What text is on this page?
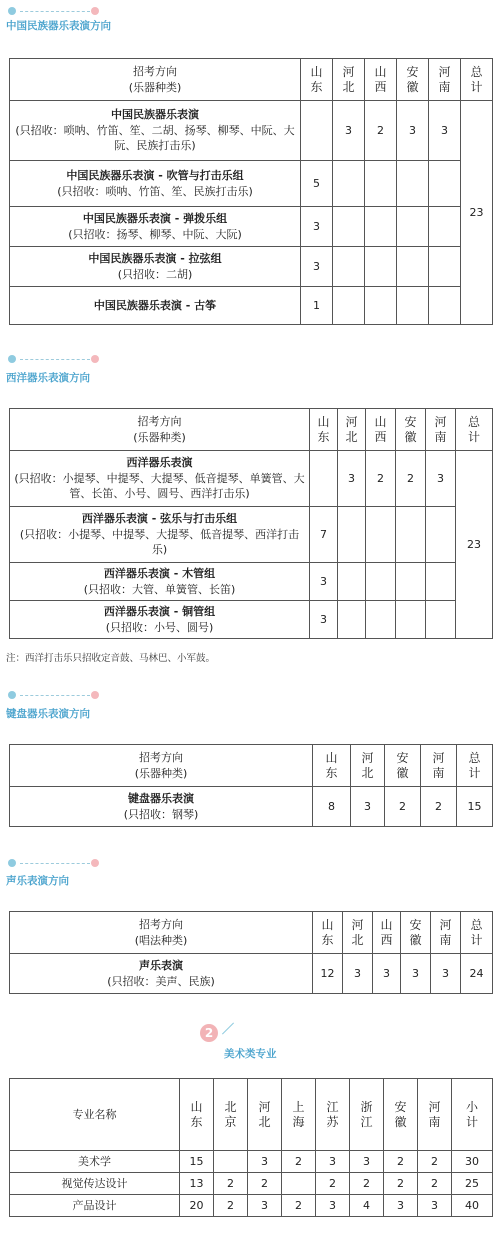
中国民族器乐表演方向
招考方向
(乐器种类)	山东	河北	山西	安徽	河南	总计

中国民族器乐表演
(只招收：唢呐、竹笛、笙、二胡、扬琴、柳琴、中阮、大阮、民族打击乐)		3	2	3	3	23

中国民族器乐表演 - 吹管与打击乐组
(只招收：唢呐、竹笛、笙、民族打击乐)	5					

中国民族器乐表演 - 弹拨乐组
(只招收：扬琴、柳琴、中阮、大阮)	3					

中国民族器乐表演 - 拉弦组
(只招收：二胡)	3					

中国民族器乐表演 - 古筝	1					
西洋器乐表演方向
招考方向
(乐器种类)	山东	河北	山西	安徽	河南	总计

西洋器乐表演
(只招收：小提琴、中提琴、大提琴、低音提琴、单簧管、大管、长笛、小号、圆号、西洋打击乐)		3	2	2	3	23

西洋器乐表演 - 弦乐与打击乐组
(只招收：小提琴、中提琴、大提琴、低音提琴、西洋打击乐)	7					

西洋器乐表演 - 木管组
(只招收：大管、单簧管、长笛)	3					

西洋器乐表演 - 铜管组
(只招收：小号、圆号)	3					
注：西洋打击乐只招收定音鼓、马林巴、小军鼓。
键盘器乐表演方向
招考方向
(乐器种类)	山东	河北	安徽	河南	总计

键盘器乐表演
(只招收：钢琴)	8	3	2	2	15
声乐表演方向
招考方向
(唱法种类)	山东	河北	山西	安徽	河南	总计

声乐表演
(只招收：美声、民族)	12	3	3	3	3	24
2
美术类专业
专业名称	山东	北京	河北	上海	江苏	浙江	安徽	河南	小计
美术学	15		3	2	3	3	2	2	30
视觉传达设计	13	2	2		2	2	2	2	25
产品设计	20	2	3	2	3	4	3	3	40
